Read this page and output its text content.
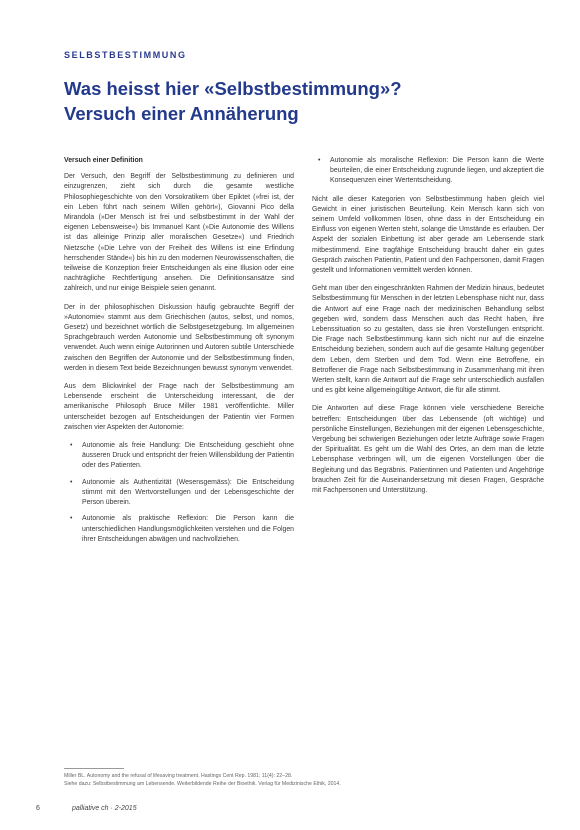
SELBSTBESTIMMUNG
Was heisst hier «Selbstbestimmung»?
Versuch einer Annäherung
Versuch einer Definition

Der Versuch, den Begriff der Selbstbestimmung zu definieren und einzugrenzen, zieht sich durch die gesamte westliche Philosophiegeschichte von den Vorsokratikern über Epiktet (»frei ist, der ein Leben führt nach seinem Willen gehört«), Giovanni Pico della Mirandola (»Der Mensch ist frei und selbstbestimmt in der Wahl der eigenen Lebensweise«) bis Immanuel Kant (»Die Autonomie des Willens ist das alleinige Prinzip aller moralischen Gesetze«) und Friedrich Nietzsche (»Die Lehre von der Freiheit des Willens ist eine Erfindung herrschender Stände«) bis hin zu den modernen Neurowissenschaften, die teilweise die Konzeption freier Entscheidungen als eine Illusion oder eine nachträgliche Rechtfertigung ansehen. Die Definitionsansätze sind zahlreich, und nur einige Beispiele seien genannt.

Der in der philosophischen Diskussion häufig gebrauchte Begriff der »Autonomie« stammt aus dem Griechischen (autos, selbst, und nomos, Gesetz) und bezeichnet wörtlich die Selbstgesetzgebung. Im allgemeinen Sprachgebrauch werden Autonomie und Selbstbestimmung oft synonym verwendet. Auch wenn einige Autorinnen und Autoren subtile Unterschiede zwischen den Begriffen der Autonomie und der Selbstbestimmung finden, werden in diesem Text beide Bezeichnungen bewusst synonym verwendet.

Aus dem Blickwinkel der Frage nach der Selbstbestimmung am Lebensende erscheint die Unterscheidung interessant, die der amerikanische Philosoph Bruce Miller 1981 veröffentlichte. Miller unterscheidet bezogen auf Entscheidungen der Patientin vier Formen zwischen vier Aspekten der Autonomie:

• Autonomie als freie Handlung: Die Entscheidung geschieht ohne äusseren Druck und entspricht der freien Willensbildung der Patientin oder des Patienten.
• Autonomie als Authentizität (Wesensgemäss): Die Entscheidung stimmt mit den Wertvorstellungen und der Lebensgeschichte der Person überein.
• Autonomie als praktische Reflexion: Die Person kann die unterschiedlichen Handlungsmöglichkeiten verstehen und die Folgen ihrer Entscheidungen abwägen und nachvollziehen.
• Autonomie als moralische Reflexion: Die Person kann die Werte beurteilen, die einer Entscheidung zugrunde liegen, und akzeptiert die Konsequenzen einer Wertentscheidung.

Nicht alle dieser Kategorien von Selbstbestimmung haben gleich viel Gewicht in einer juristischen Beurteilung. Kein Mensch kann sich von seinem Umfeld vollkommen lösen, ohne dass in der Entscheidung ein Einfluss von eigenen Werten steht, solange die Umstände es erlauben. Der Aspekt der sozialen Einbettung ist aber gerade am Lebensende stark mitbestimmend. Eine tragfähige Entscheidung braucht daher ein gutes Gespräch zwischen Patientin, Patient und den Fachpersonen, damit Fragen gestellt und Informationen vermittelt werden können.

Geht man über den eingeschränkten Rahmen der Medizin hinaus, bedeutet Selbstbestimmung für Menschen in der letzten Lebensphase nicht nur, dass die Antwort auf eine Frage nach der medizinischen Behandlung selbst gegeben wird, sondern dass Menschen auch das Recht haben, ihre Lebenssituation so zu gestalten, dass sie ihren Vorstellungen entspricht. Die Frage nach Selbstbestimmung kann sich nicht nur auf die einzelne Entscheidung beziehen, sondern auch auf die gesamte Haltung gegenüber dem Leben, dem Sterben und dem Tod. Wenn eine Betroffene, ein Betroffener die Frage nach Selbstbestimmung in Zusammenhang mit ihren Werten stellt, kann die Antwort auf die Frage sehr unterschiedlich ausfallen und es gibt keine allgemeingültige Antwort, die für alle stimmt.

Die Antworten auf diese Frage können viele verschiedene Bereiche betreffen: Entscheidungen über das Lebensende (oft wichtige) und persönliche Einstellungen, Beziehungen mit der eigenen Lebensgeschichte, Vergebung bei schwierigen Beziehungen oder letzte Aufträge sowie Fragen der Spiritualität. Es geht um die Wahl des Ortes, an dem man die letzte Lebensphase verbringen will, um die eigenen Vorstellungen über die Begleitung und das Begräbnis. Patientinnen und Patienten und Angehörige brauchen Zeit für die Auseinandersetzung mit diesen Fragen, Gespräche mit Fachpersonen und Unterstützung.

Miller BL. Autonomy and the refusal of lifesaving treatment. Hastings Cent Rep. 1981; 11(4): 22–28.
Siehe dazu: Selbstbestimmung am Lebensende. Weiterbildende Reihe der Bioethik. Verlag für Medizinische Ethik, 2014.
6	palliative ch · 2-2015
